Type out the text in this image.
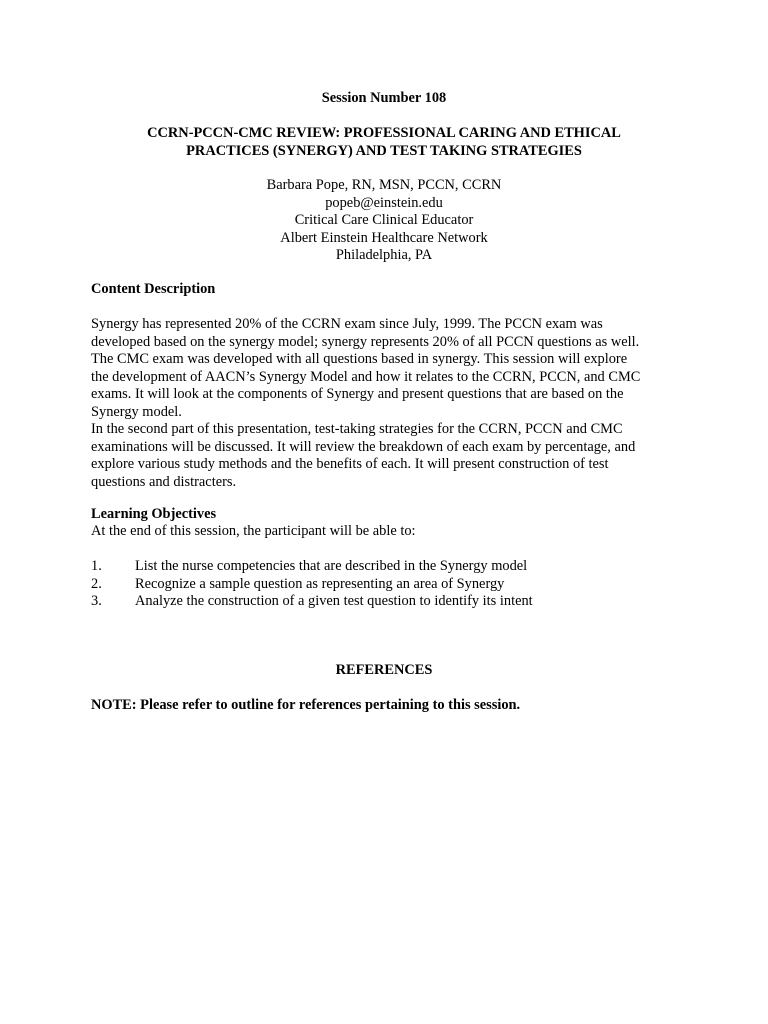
Session Number 108
CCRN-PCCN-CMC REVIEW: PROFESSIONAL CARING AND ETHICAL
PRACTICES (SYNERGY) AND TEST TAKING STRATEGIES
Barbara Pope, RN, MSN, PCCN, CCRN
popeb@einstein.edu
Critical Care Clinical Educator
Albert Einstein Healthcare Network
Philadelphia, PA
Content Description
Synergy has represented 20% of the CCRN exam since July, 1999. The PCCN exam was
developed based on the synergy model; synergy represents 20% of all PCCN questions as well.
The CMC exam was developed with all questions based in synergy. This session will explore
the development of AACN’s Synergy Model and how it relates to the CCRN, PCCN, and CMC
exams. It will look at the components of Synergy and present questions that are based on the
Synergy model.
In the second part of this presentation, test-taking strategies for the CCRN, PCCN and CMC
examinations will be discussed. It will review the breakdown of each exam by percentage, and
explore various study methods and the benefits of each. It will present construction of test
questions and distracters.
Learning Objectives
At the end of this session, the participant will be able to:
1.	List the nurse competencies that are described in the Synergy model
2.	Recognize a sample question as representing an area of Synergy
3.	Analyze the construction of a given test question to identify its intent
REFERENCES
NOTE: Please refer to outline for references pertaining to this session.
